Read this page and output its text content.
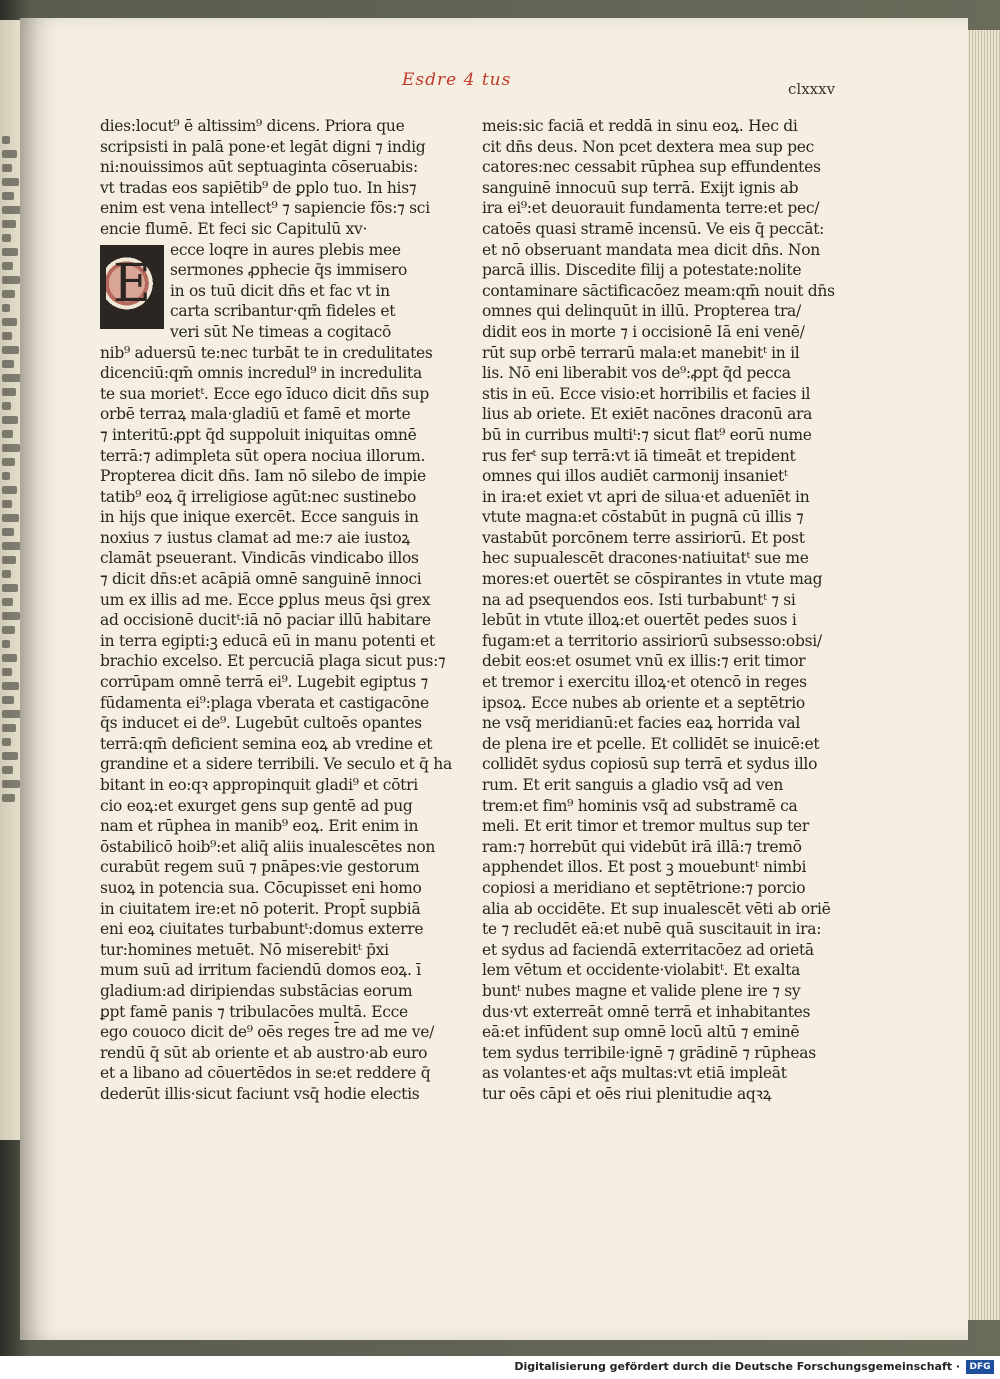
Esdre 4 tus	clxxxv
E
dies:locut⁹ ē altissim⁹ dicens. Priora que
scripsisti in palā pone·et legāt digni ⁊ indig
ni:nouissimos aūt septuaginta cōseruabis:
vt tradas eos sapiētib⁹ de ꝑplo tuo. In his⁊
enim est vena intellect⁹ ⁊ sapiencie fōs:⁊ sci
encie flumē. Et feci sic Capitulū xv·
ecce loqre in aures plebis mee
sermones ꝓphecie q̄s immisero
in os tuū dicit dn̄s et fac vt in
carta scribantur·qm̄ fideles et
veri sūt Ne timeas a cogitacō
nib⁹ aduersū te:nec turbāt te in credulitates
dicenciū:qm̄ omnis incredul⁹ in incredulita
te sua morietᵗ. Ecce ego īduco dicit dn̄s sup
orbē terraꝝ mala·gladiū et famē et morte
⁊ interitū:ꝓpt q̄d suppoluit iniquitas omnē
terrā:⁊ adimpleta sūt opera nociua illorum.
Propterea dicit dn̄s. Iam nō silebo de impie
tatib⁹ eoꝝ q̄ irreligiose agūt:nec sustinebo
in hijs que inique exercēt. Ecce sanguis in
noxius ⁊ iustus clamat ad me:⁊ aie iustoꝝ
clamāt pseuerant. Vindicās vindicabo illos
⁊ dicit dn̄s:et acāpiā omnē sanguinē innoci
um ex illis ad me. Ecce ꝑplus meus q̄si grex
ad occisionē ducitᵗ:iā nō paciar illū habitare
in terra egipti:ꝫ educā eū in manu potenti et
brachio excelso. Et percuciā plaga sicut pus:⁊
corrūpam omnē terrā ei⁹. Lugebit egiptus ⁊
fūdamenta ei⁹:plaga vberata et castigacōne
q̄s inducet ei de⁹. Lugebūt cultoēs opantes
terrā:qm̄ deficient semina eoꝝ ab vredine et
grandine et a sidere terribili. Ve seculo et q̄ ha
bitant in eo:qꝛ appropinquit gladi⁹ et cōtri
cio eoꝝ:et exurget gens sup gentē ad pug
nam et rūphea in manib⁹ eoꝝ. Erit enim in
ōstabilicō hoib⁹:et aliq̄ aliis inualescētes non
curabūt regem suū ⁊ pnāpes:vie gestorum
suoꝝ in potencia sua. Cōcupisset eni homo
in ciuitatem ire:et nō poterit. Propt̄ supbiā
eni eoꝝ ciuitates turbabuntᵗ:domus exterre
tur:homines metuēt. Nō miserebitᵗ p̄xi
mum suū ad irritum faciendū domos eoꝝ. ī
gladium:ad diripiendas substācias eorum
ꝑpt famē panis ⁊ tribulacōes multā. Ecce
ego couoco dicit de⁹ oēs reges t̄re ad me ve/
rendū q̄ sūt ab oriente et ab austro·ab euro
et a libano ad cōuertēdos in se:et reddere q̄
dederūt illis·sicut faciunt vsq̄ hodie electis
meis:sic faciā et reddā in sinu eoꝝ. Hec di
cit dn̄s deus. Non pcet dextera mea sup pec
catores:nec cessabit rūphea sup effundentes
sanguinē innocuū sup terrā. Exijt ignis ab
ira ei⁹:et deuorauit fundamenta terre:et pec/
catoēs quasi stramē incensū. Ve eis q̄ peccāt:
et nō obseruant mandata mea dicit dn̄s. Non
parcā illis. Discedite filij a potestate:nolite
contaminare sāctificacōez meam:qm̄ nouit dn̄s
omnes qui delinquūt in illū. Propterea tra/
didit eos in morte ⁊ i occisionē Iā eni venē/
rūt sup orbē terrarū mala:et manebitᵗ in il
lis. Nō eni liberabit vos de⁹:ꝓpt q̄d pecca
stis in eū. Ecce visio:et horribilis et facies il
lius ab oriete. Et exiēt nacōnes draconū ara
bū in curribus multiᵗ:⁊ sicut flat⁹ eorū nume
rus ferᵗ sup terrā:vt iā timeāt et trepident
omnes qui illos audiēt carmonij insanietᵗ
in ira:et exiet vt apri de silua·et aduenīēt in
vtute magna:et cōstabūt in pugnā cū illis ⁊
vastabūt porcōnem terre assiriorū. Et post
hec supualescēt dracones·natiuitatᵗ sue me
mores:et ouertēt se cōspirantes in vtute mag
na ad psequendos eos. Isti turbabuntᵗ ⁊ si
lebūt in vtute illoꝝ:et ouertēt pedes suos i
fugam:et a territorio assiriorū subsesso:obsi/
debit eos:et osumet vnū ex illis:⁊ erit timor
et tremor i exercitu illoꝝ·et otencō in reges
ipsoꝝ. Ecce nubes ab oriente et a septētrio
ne vsq̄ meridianū:et facies eaꝝ horrida val
de plena ire et pcelle. Et collidēt se inuicē:et
collidēt sydus copiosū sup terrā et sydus illo
rum. Et erit sanguis a gladio vsq̄ ad ven
trem:et fim⁹ hominis vsq̄ ad substramē ca
meli. Et erit timor et tremor multus sup ter
ram:⁊ horrebūt qui videbūt irā illā:⁊ tremō
apphendet illos. Et post ꝫ mouebuntᵗ nimbi
copiosi a meridiano et septētrione:⁊ porcio
alia ab occidēte. Et sup inualescēt vēti ab oriē
te ⁊ recludēt eā:et nubē quā suscitauit in ira:
et sydus ad faciendā exterritacōez ad orietā
lem vētum et occidente·violabitᵗ. Et exalta
buntᵗ nubes magne et valide plene ire ⁊ sy
dus·vt exterreāt omnē terrā et inhabitantes
eā:et infūdent sup omnē locū altū ⁊ eminē
tem sydus terribile·ignē ⁊ grādinē ⁊ rūpheas
as volantes·et aq̄s multas:vt etiā impleāt
tur oēs cāpi et oēs riui plenitudie aqꝛꝝ
Digitalisierung gefördert durch die Deutsche Forschungsgemeinschaft ·	DFG
